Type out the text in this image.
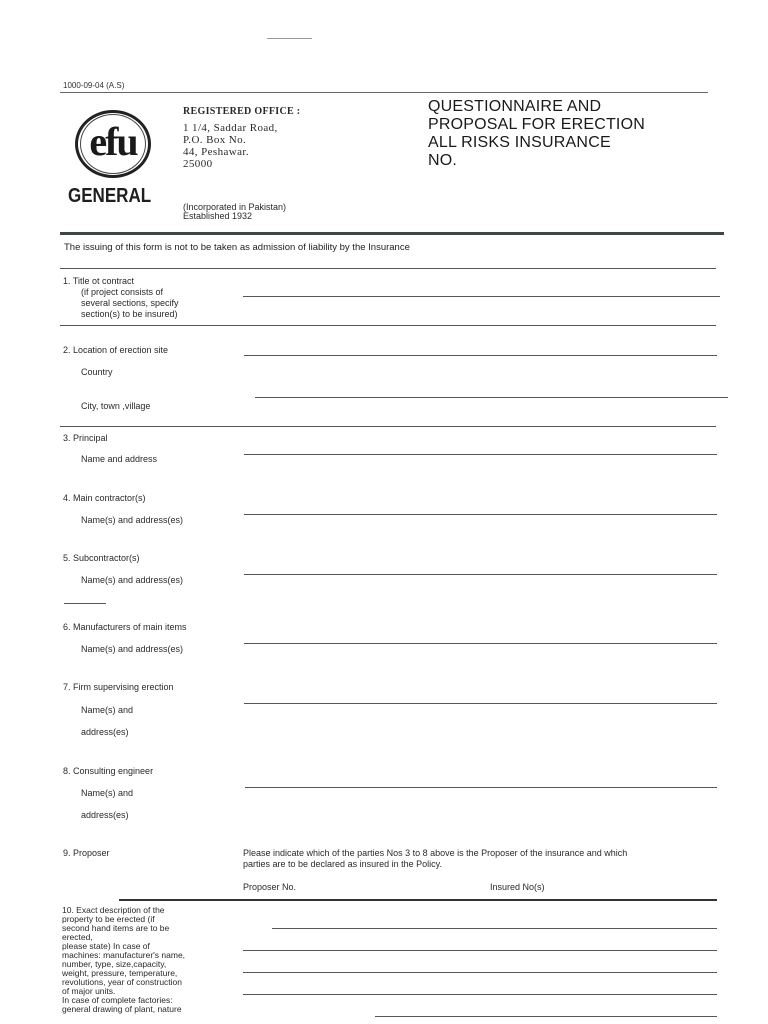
1000-09-04 (A.S)
efu
GENERAL
REGISTERED OFFICE :
1 1/4, Saddar Road,
P.O. Box No.
44, Peshawar.
25000
(Incorporated in Pakistan)
Established 1932
QUESTIONNAIRE AND
PROPOSAL FOR ERECTION
ALL RISKS INSURANCE
NO.
The issuing of this form is not to be taken as admission of liability by the Insurance
1. Title ot contract
(if project consists of
several sections, specify
section(s) to be insured)
2. Location of erection site
Country
City, town ,village
3. Principal
Name and address
4. Main contractor(s)
Name(s) and address(es)
5. Subcontractor(s)
Name(s) and address(es)
6. Manufacturers of main items
Name(s) and address(es)
7. Firm supervising erection
Name(s) and
address(es)
8. Consulting engineer
Name(s) and
address(es)
9. Proposer	Please indicate which of the parties Nos 3 to 8 above is the Proposer of the insurance and which
parties are to be declared as insured in the Policy.
Proposer No.	Insured No(s)
10. Exact description of the
property to be erected (if
second hand items are to be
erected,
please state) In case of
machines: manufacturer's name,
number, type, size,capacity,
weight, pressure, temperature,
revolutions, year of construction
of major units.
In case of complete factories:
general drawing of plant, nature
